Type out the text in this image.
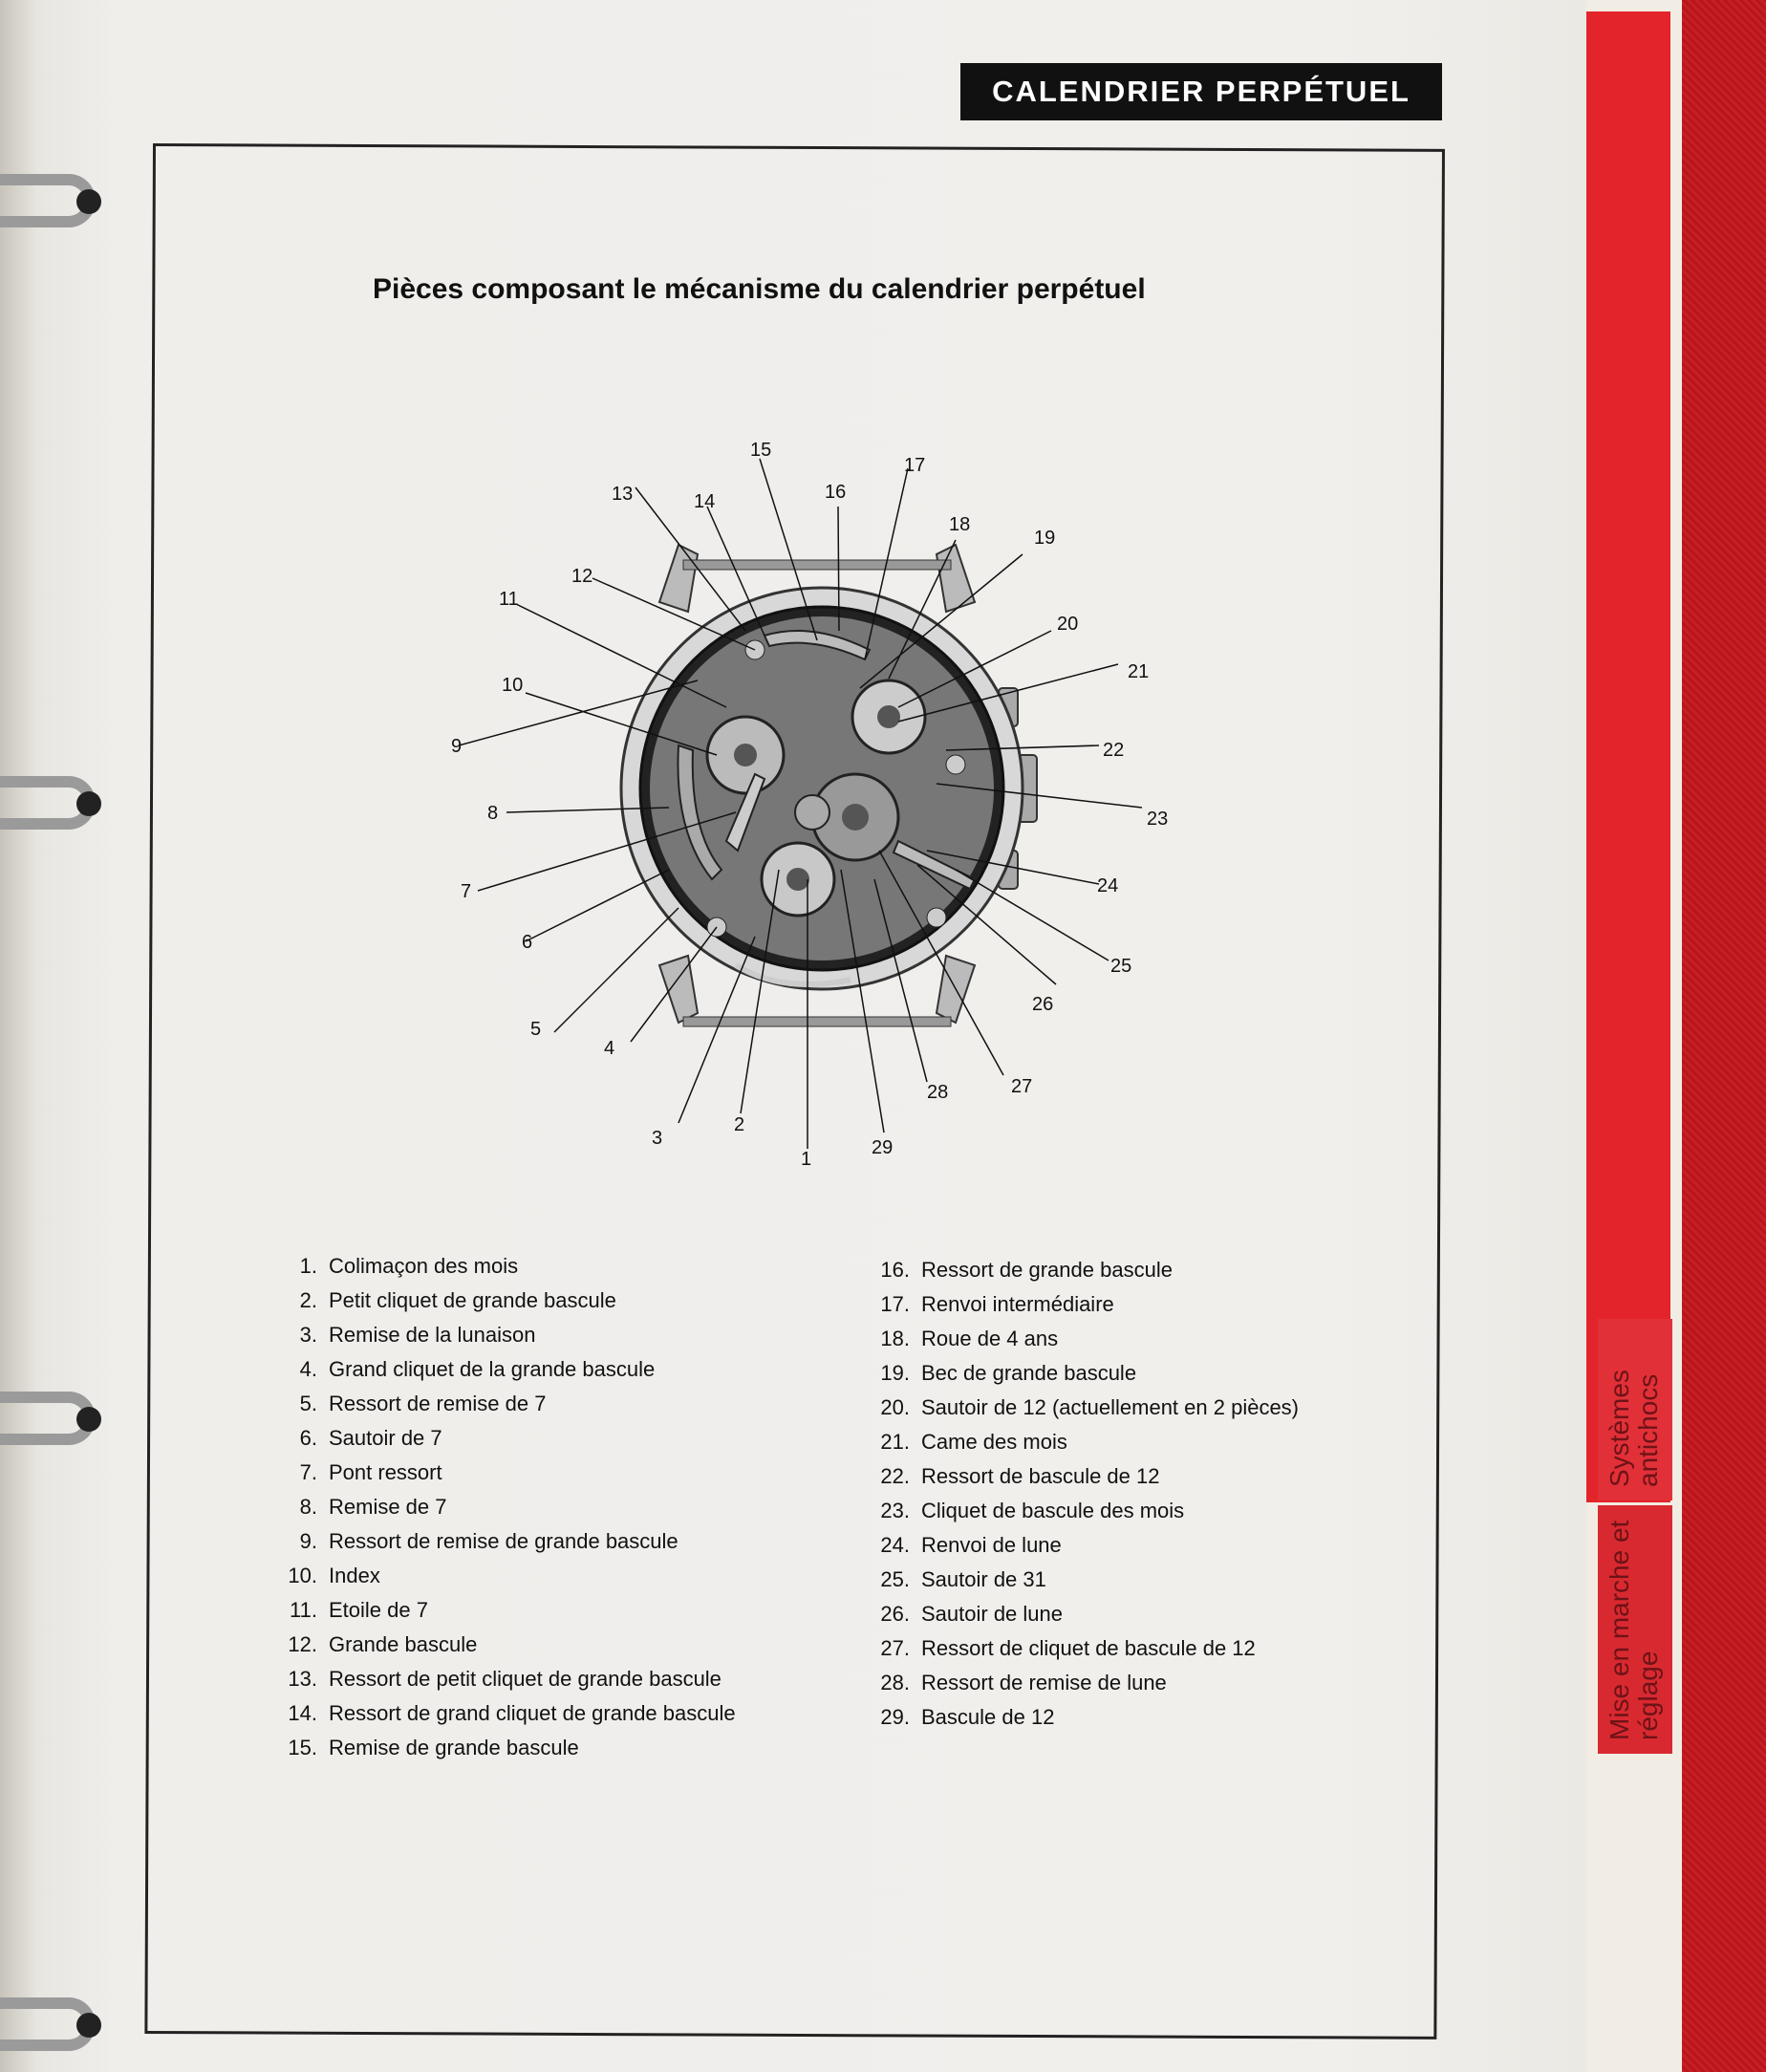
Systèmes antichocs
Mise en marche et réglage
CALENDRIER PERPÉTUEL
Pièces composant le mécanisme du calendrier perpétuel
1
2
3
4
5
6
7
8
9
10
11
12
13	14
15
16
17
18
19
20
21
22
23
24
25
26
27
28
29
1. Colimaçon des mois
2. Petit cliquet de grande bascule
3. Remise de la lunaison
4. Grand cliquet de la grande bascule
5. Ressort de remise de 7
6. Sautoir de 7
7. Pont ressort
8. Remise de 7
9. Ressort de remise de grande bascule
10. Index
11. Etoile de 7
12. Grande bascule
13. Ressort de petit cliquet de grande bascule
14. Ressort de grand cliquet de grande bascule
15. Remise de grande bascule
16. Ressort de grande bascule
17. Renvoi intermédiaire
18. Roue de 4 ans
19. Bec de grande bascule
20. Sautoir de 12 (actuellement en 2 pièces)
21. Came des mois
22. Ressort de bascule de 12
23. Cliquet de bascule des mois
24. Renvoi de lune
25. Sautoir de 31
26. Sautoir de lune
27. Ressort de cliquet de bascule de 12
28. Ressort de remise de lune
29. Bascule de 12
